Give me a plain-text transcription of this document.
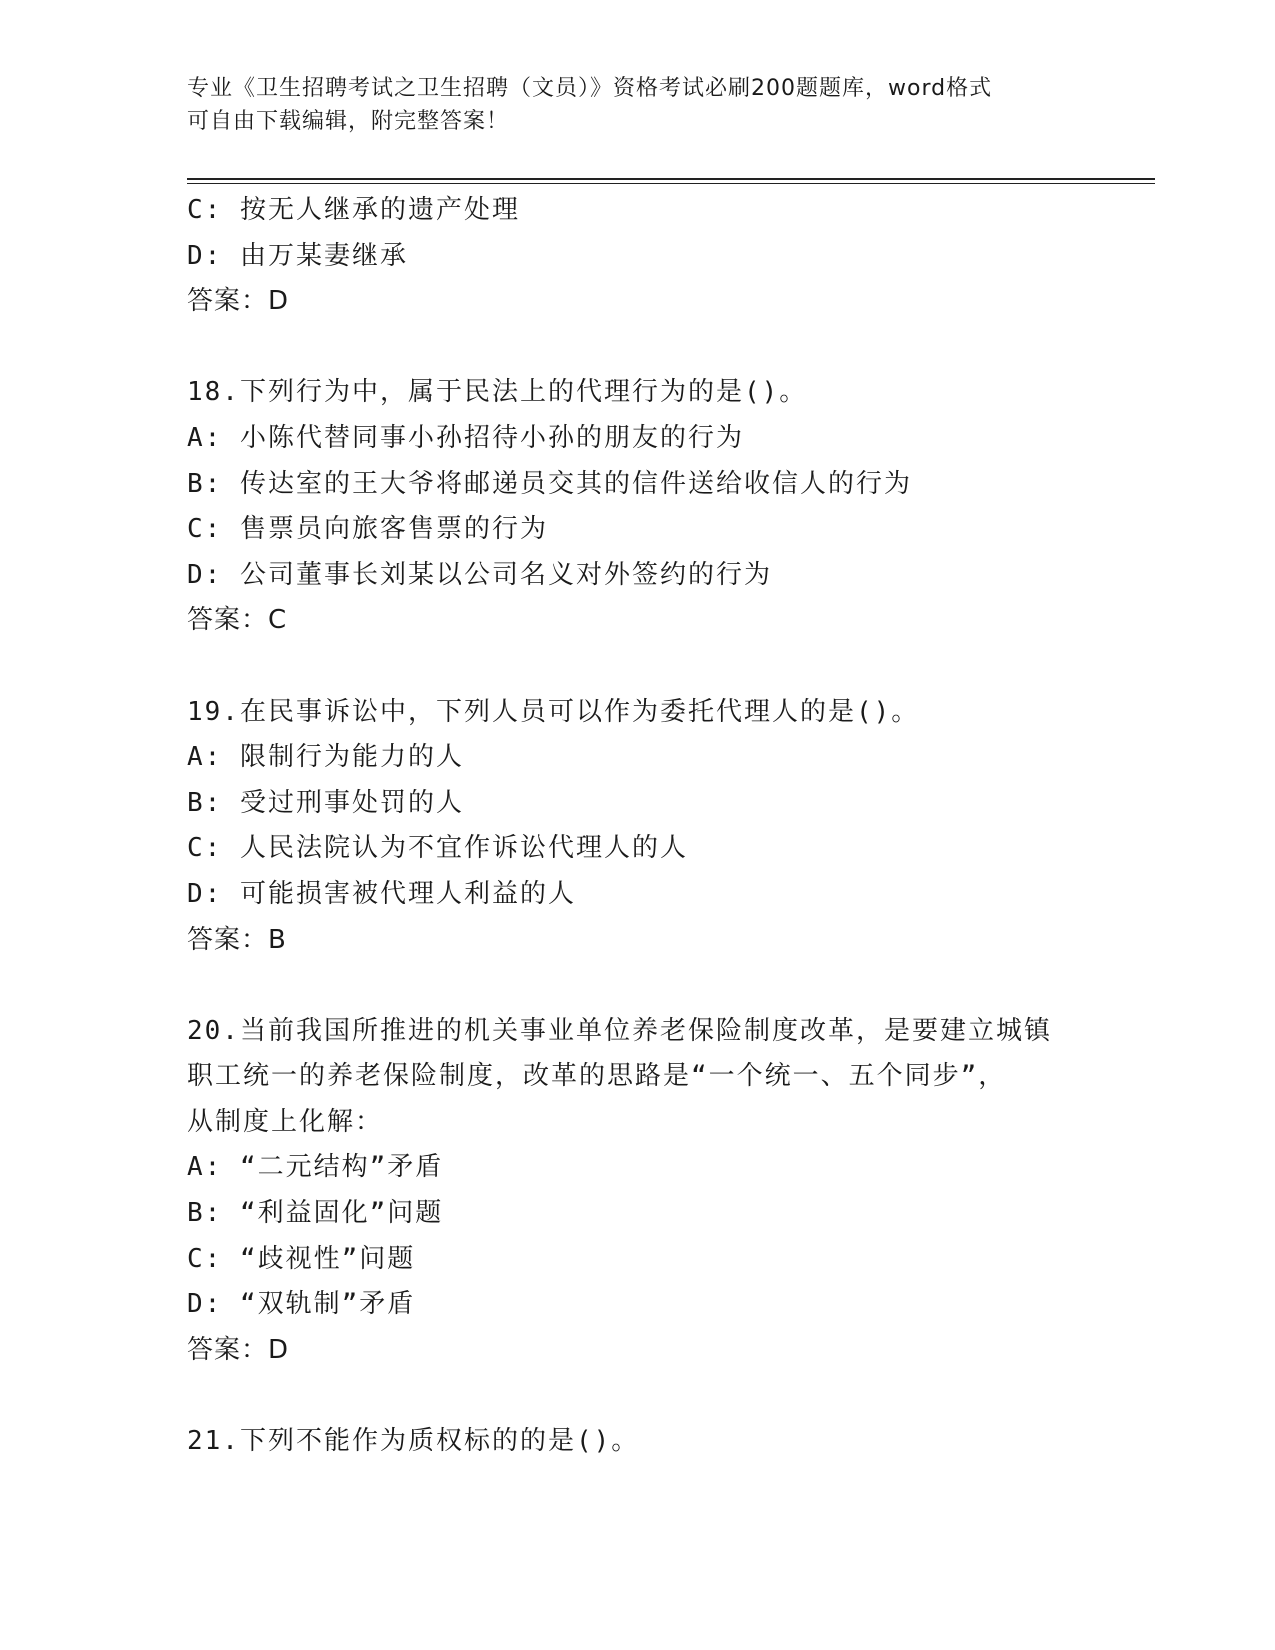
专业《卫生招聘考试之卫生招聘（文员）》资格考试必刷200题题库，word格式
可自由下载编辑，附完整答案！
C: 按无人继承的遗产处理
D: 由万某妻继承
答案：D
18.下列行为中，属于民法上的代理行为的是()。
A: 小陈代替同事小孙招待小孙的朋友的行为
B: 传达室的王大爷将邮递员交其的信件送给收信人的行为
C: 售票员向旅客售票的行为
D: 公司董事长刘某以公司名义对外签约的行为
答案：C
19.在民事诉讼中，下列人员可以作为委托代理人的是()。
A: 限制行为能力的人
B: 受过刑事处罚的人
C: 人民法院认为不宜作诉讼代理人的人
D: 可能损害被代理人利益的人
答案：B
20.当前我国所推进的机关事业单位养老保险制度改革，是要建立城镇
职工统一的养老保险制度，改革的思路是“一个统一、五个同步”，
从制度上化解：
A: “二元结构”矛盾
B: “利益固化”问题
C: “歧视性”问题
D: “双轨制”矛盾
答案：D
21.下列不能作为质权标的的是()。
